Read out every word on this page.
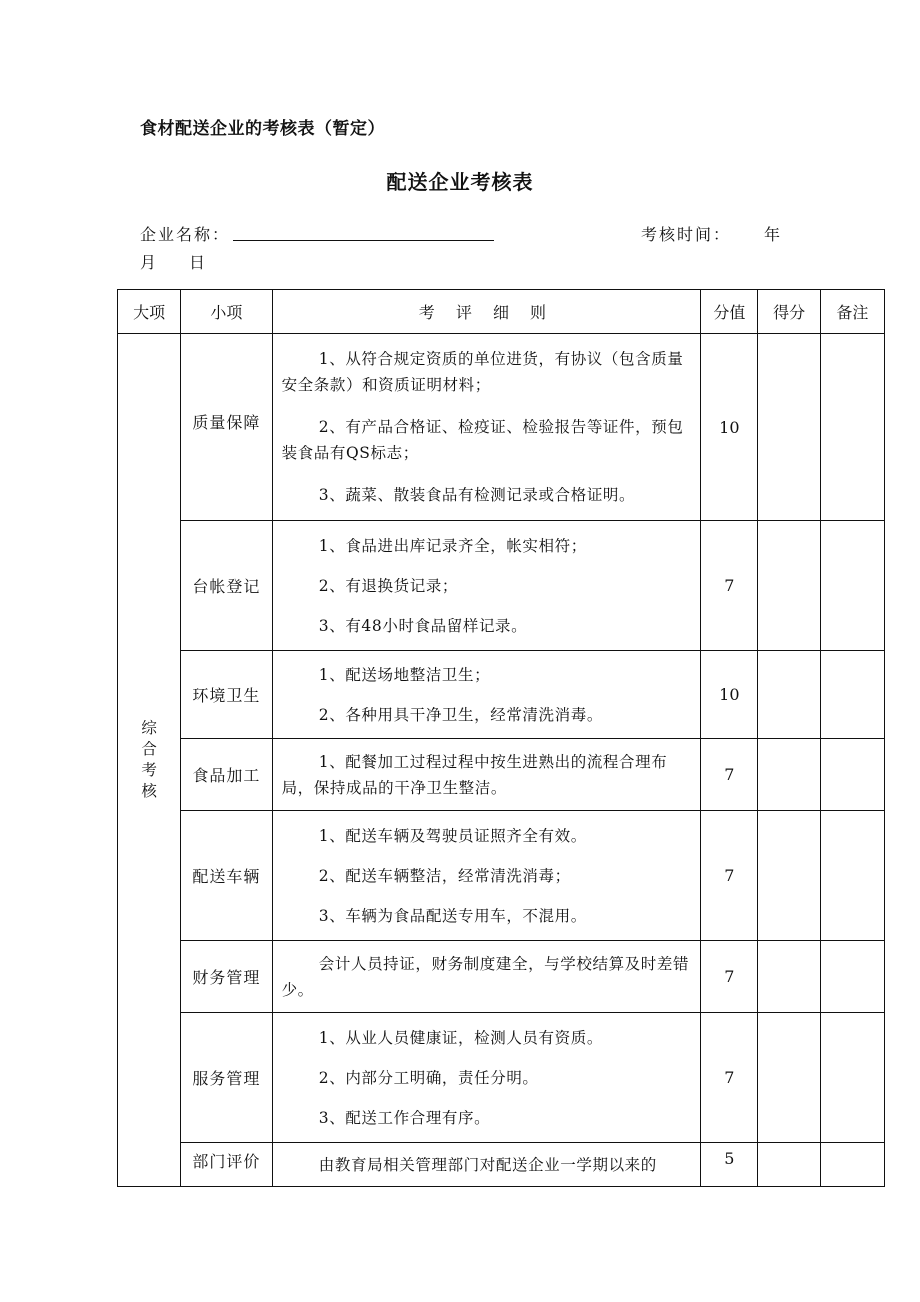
食材配送企业的考核表（暂定）
配送企业考核表
企业名称：	考核时间： 年
月 日
大项	小项	考 评 细 则	分值	得分	备注
综合考核	质量保障	1、从符合规定资质的单位进货，有协议（包含质量安全条款）和资质证明材料；

2、有产品合格证、检疫证、检验报告等证件，预包装食品有QS标志；

3、蔬菜、散装食品有检测记录或合格证明。	10		
	台帐登记	1、食品进出库记录齐全，帐实相符；

2、有退换货记录；

3、有48小时食品留样记录。	7		
	环境卫生	1、配送场地整洁卫生；

2、各种用具干净卫生，经常清洗消毒。	10		
	食品加工	1、配餐加工过程过程中按生进熟出的流程合理布局，保持成品的干净卫生整洁。	7		
	配送车辆	1、配送车辆及驾驶员证照齐全有效。

2、配送车辆整洁，经常清洗消毒；

3、车辆为食品配送专用车，不混用。	7		
	财务管理	会计人员持证，财务制度建全，与学校结算及时差错少。	7		
	服务管理	1、从业人员健康证，检测人员有资质。

2、内部分工明确，责任分明。

3、配送工作合理有序。	7		
	部门评价	由教育局相关管理部门对配送企业一学期以来的	5		
